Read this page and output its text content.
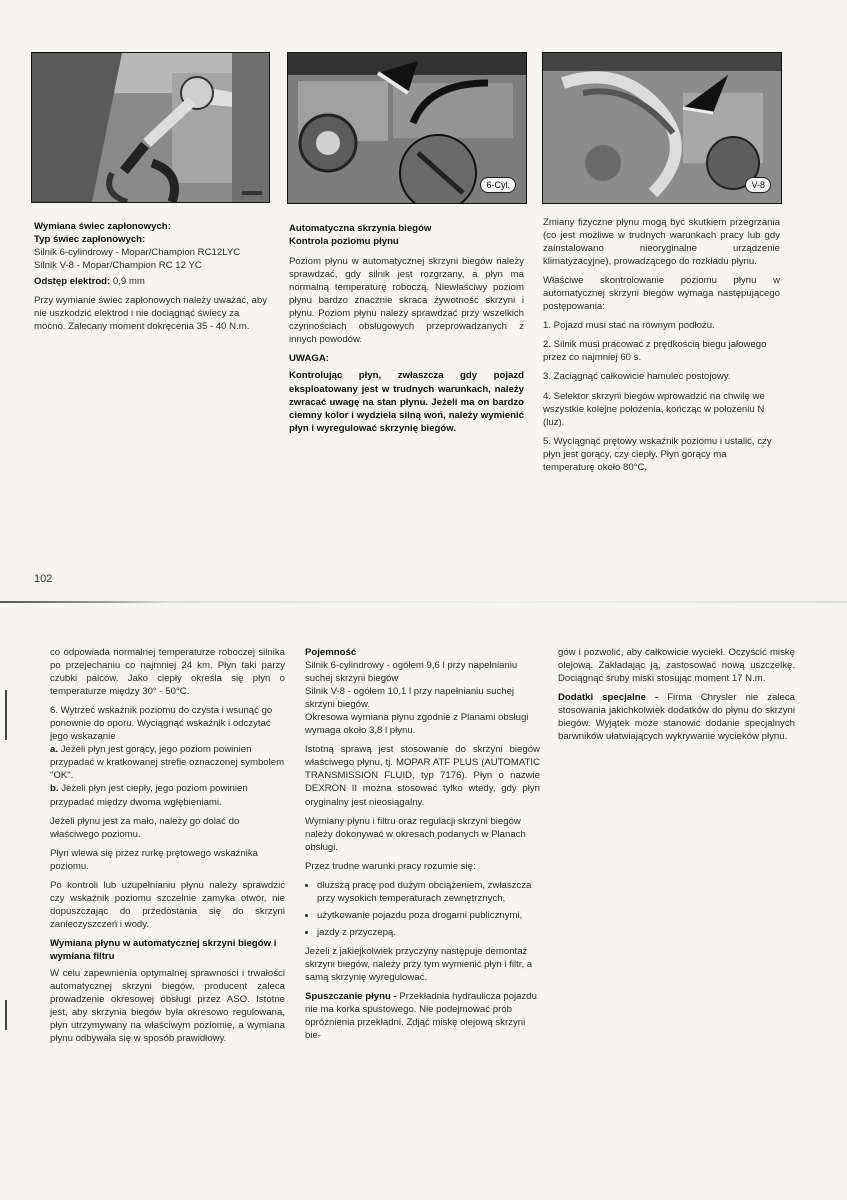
6-Cyl.	V-8

Wymiana świec zapłonowych:

Typ świec zapłonowych:

Silnik 6-cylindrowy - Mopar/Champion RC12LYC
Silnik V-8 - Mopar/Champion RC 12 YC

Odstęp elektrod: 0,9 mm

Przy wymianie świec zapłonowych należy uważać, aby nie uszkodzić elektrod i nie dociągnąć świecy za mocno. Zalecany moment dokręcenia 35 - 40 N.m.

Automatyczna skrzynia biegów

Kontrola poziomu płynu

Poziom płynu w automatycznej skrzyni biegów należy sprawdzać, gdy silnik jest rozgrzany, a płyn ma normalną temperaturę roboczą. Niewłaściwy poziom płynu bardzo znacznie skraca żywotność skrzyni i płynu. Poziom płynu należy sprawdzać przy wszelkich czynnościach obsługowych przeprowadzanych z innych powodów.

UWAGA:

Kontrolując płyn, zwłaszcza gdy pojazd eksploatowany jest w trudnych warunkach, należy zwracać uwagę na stan płynu. Jeżeli ma on bardzo ciemny kolor i wydziela silną woń, należy wymienić płyn i wyregulować skrzynię biegów.

Zmiany fizyczne płynu mogą być skutkiem przegrzania (co jest możliwe w trudnych warunkach pracy lub gdy zainstalowano nieoryginalne urządzenie klimatyzacyjne), prowadzącego do rozkładu płynu.

Właściwe skontrolowanie poziomu płynu w automatycznej skrzyni biegów wymaga następującego postępowania:

1. Pojazd musi stać na równym podłożu.

2. Silnik musi pracować z prędkością biegu jałowego przez co najmniej 60 s.

3. Zaciągnąć całkowicie hamulec postojowy.

4. Selektor skrzyni biegów wprowadzić na chwilę we wszystkie kolejne położenia, kończąc w położeniu N (luz).

5. Wyciągnąć prętowy wskaźnik poziomu i ustalić, czy płyn jest gorący, czy ciepły. Płyn gorący ma temperaturę około 80°C,

102

co odpowiada normalnej temperaturze roboczej silnika po przejechaniu co najmniej 24 km. Płyn taki parzy czubki palców. Jako ciepły określa się płyn o temperaturze między 30° - 50°C.

6. Wytrzeć wskaźnik poziomu do czysta i wsunąć go ponownie do oporu. Wyciągnąć wskaźnik i odczytać jego wskazanie

a. Jeżeli płyn jest gorący, jego poziom powinien przypadać w kratkowanej strefie oznaczonej symbolem "OK".

b. Jeżeli płyn jest ciepły, jego poziom powinien przypadać między dwoma wgłębieniami.

Jeżeli płynu jest za mało, należy go dolać do właściwego poziomu.

Płyn wlewa się przez rurkę prętowego wskaźnika poziomu.

Po kontroli lub uzupełnianiu płynu należy sprawdzić czy wskaźnik poziomu szczelnie zamyka otwór, nie dopuszczając do przedostania się do skrzyni zanieczyszczeń i wody.

Wymiana płynu w automatycznej skrzyni biegów i wymiana filtru

W celu zapewnienia optymalnej sprawności i trwałości automatycznej skrzyni biegów, producent zaleca prowadzenie okresowej obsługi przez ASO. Istotne jest, aby skrzynia biegów była okresowo regulowana, płyn utrzymywany na właściwym poziomie, a wymiana płynu odbywała się w sposób prawidłowy.

Pojemność

Silnik 6-cylindrowy - ogółem 9,6 l przy napełnianiu suchej skrzyni biegów
Silnik V-8 - ogółem 10,1 l przy napełnianiu suchej skrzyni biegów.

Okresowa wymiana płynu zgodnie z Planami obsługi wymaga około 3,8 l płynu.

Istotną sprawą jest stosowanie do skrzyni biegów właściwego płynu, tj. MOPAR ATF PLUS (AUTOMATIC TRANSMISSION FLUID, typ 7176). Płyn o nazwie DEXRON II można stosować tylko wtedy, gdy płyn oryginalny jest nieosiągalny.

Wymiany płynu i filtru oraz regulacji skrzyni biegów należy dokonywać w okresach podanych w Planach obsługi.

Przez trudne warunki pracy rozumie się:

• dłuższą pracę pod dużym obciążeniem, zwłaszcza przy wysokich temperaturach zewnętrznych,
• użytkowanie pojazdu poza drogami publicznymi,
• jazdy z przyczepą.

Jeżeli z jakiejkolwiek przyczyny następuje demontaż skrzyni biegów, należy przy tym wymienić płyn i filtr, a samą skrzynię wyregulować.

Spuszczanie płynu - Przekładnia hydraulicza pojazdu nie ma korka spustowego. Nie podejmować prób opróżnienia przekładni. Zdjąć miskę olejową skrzyni bie-

gów i pozwolić, aby całkowicie wyciekł. Oczyścić miskę olejową. Zakładając ją, zastosować nową uszczelkę. Dociągnąć śruby miski stosując moment 17 N.m.

Dodatki specjalne - Firma Chrysler nie zaleca stosowania jakichkolwiek dodatków do płynu do skrzyni biegów. Wyjątek może stanowić dodanie specjalnych barwników ułatwiających wykrywanie wycieków płynu.
